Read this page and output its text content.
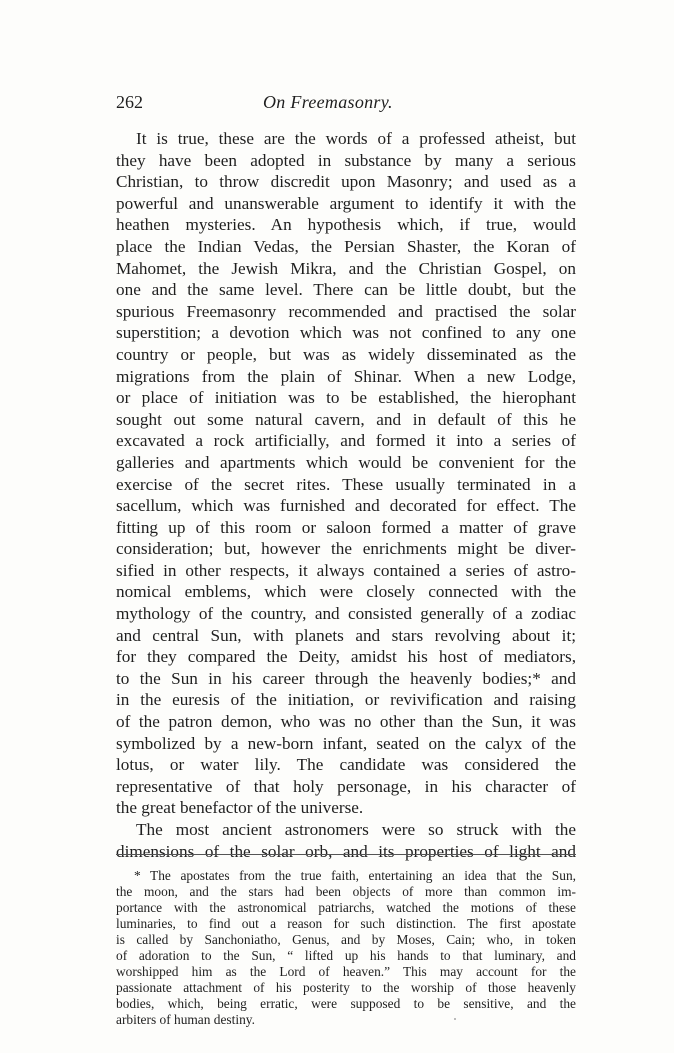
262	On Freemasonry.

It is true, these are the words of a professed atheist, but
they have been adopted in substance by many a serious
Christian, to throw discredit upon Masonry; and used as a
powerful and unanswerable argument to identify it with the
heathen mysteries. An hypothesis which, if true, would
place the Indian Vedas, the Persian Shaster, the Koran of
Mahomet, the Jewish Mikra, and the Christian Gospel, on
one and the same level. There can be little doubt, but the
spurious Freemasonry recommended and practised the solar
superstition; a devotion which was not confined to any one
country or people, but was as widely disseminated as the
migrations from the plain of Shinar. When a new Lodge,
or place of initiation was to be established, the hierophant
sought out some natural cavern, and in default of this he
excavated a rock artificially, and formed it into a series of
galleries and apartments which would be convenient for the
exercise of the secret rites. These usually terminated in a
sacellum, which was furnished and decorated for effect. The
fitting up of this room or saloon formed a matter of grave
consideration; but, however the enrichments might be diver-
sified in other respects, it always contained a series of astro-
nomical emblems, which were closely connected with the
mythology of the country, and consisted generally of a zodiac
and central Sun, with planets and stars revolving about it;
for they compared the Deity, amidst his host of mediators,
to the Sun in his career through the heavenly bodies;* and
in the euresis of the initiation, or revivification and raising
of the patron demon, who was no other than the Sun, it was
symbolized by a new-born infant, seated on the calyx of the
lotus, or water lily. The candidate was considered the
representative of that holy personage, in his character of
the great benefactor of the universe.

The most ancient astronomers were so struck with the
dimensions of the solar orb, and its properties of light and

* The apostates from the true faith, entertaining an idea that the Sun,
the moon, and the stars had been objects of more than common im-
portance with the astronomical patriarchs, watched the motions of these
luminaries, to find out a reason for such distinction. The first apostate
is called by Sanchoniatho, Genus, and by Moses, Cain; who, in token
of adoration to the Sun, “ lifted up his hands to that luminary, and
worshipped him as the Lord of heaven.” This may account for the
passionate attachment of his posterity to the worship of those heavenly
bodies, which, being erratic, were supposed to be sensitive, and the
arbiters of human destiny.
